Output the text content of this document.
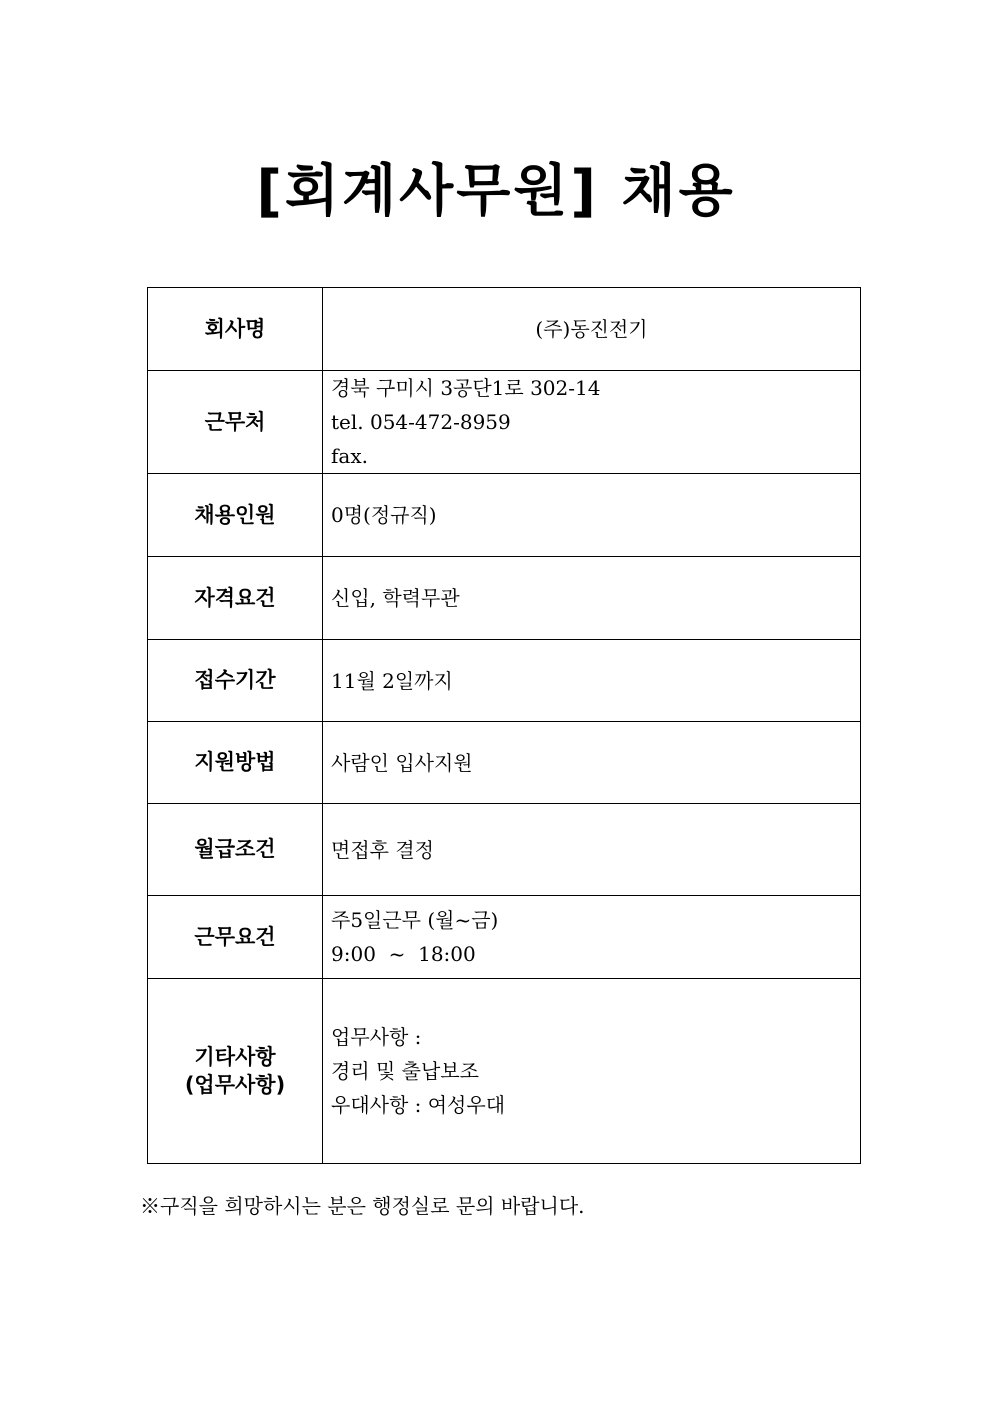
[회계사무원] 채용
회사명	(주)동진전기

근무처	경북 구미시 3공단1로 302-14
tel. 054-472-8959
fax.

채용인원	0명(정규직)

자격요건	신입, 학력무관

접수기간	11월 2일까지

지원방법	사람인 입사지원

월급조건	면접후 결정

근무요건	주5일근무 (월~금)
9:00  ~  18:00

기타사항
(업무사항)	업무사항 :
경리 및 출납보조
우대사항 : 여성우대
※구직을 희망하시는 분은 행정실로 문의 바랍니다.
